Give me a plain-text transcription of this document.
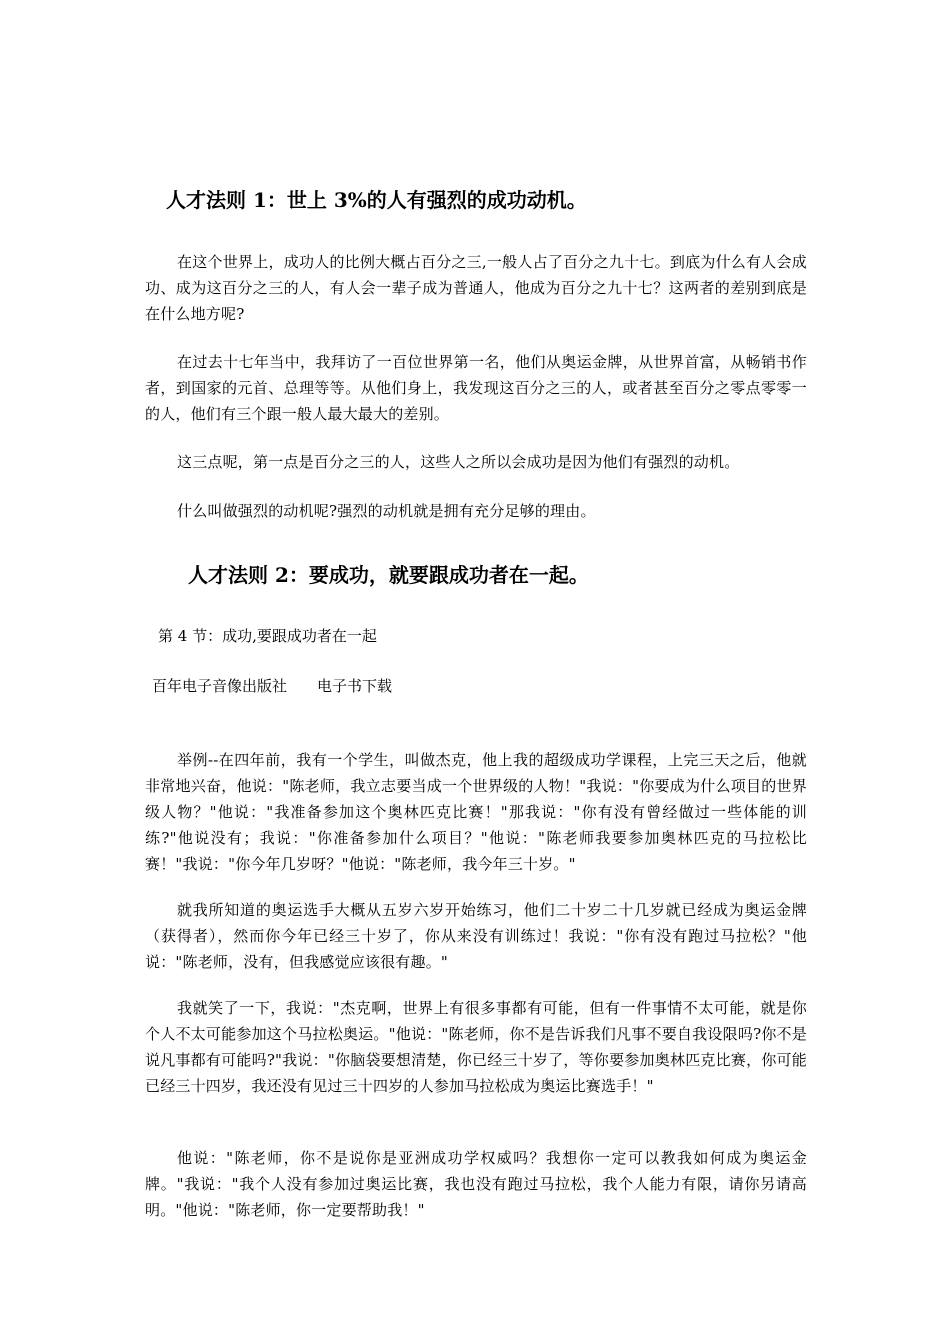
人才法则 1：世上 3%的人有强烈的成功动机。
在这个世界上，成功人的比例大概占百分之三,一般人占了百分之九十七。到底为什么有人会成功、成为这百分之三的人，有人会一辈子成为普通人，他成为百分之九十七？这两者的差别到底是在什么地方呢?
在过去十七年当中，我拜访了一百位世界第一名，他们从奥运金牌，从世界首富，从畅销书作者，到国家的元首、总理等等。从他们身上，我发现这百分之三的人，或者甚至百分之零点零零一的人，他们有三个跟一般人最大最大的差别。
这三点呢，第一点是百分之三的人，这些人之所以会成功是因为他们有强烈的动机。
什么叫做强烈的动机呢?强烈的动机就是拥有充分足够的理由。
人才法则 2：要成功，就要跟成功者在一起。
第 4 节：成功,要跟成功者在一起
百年电子音像出版社　　电子书下载
举例--在四年前，我有一个学生，叫做杰克，他上我的超级成功学课程，上完三天之后，他就非常地兴奋，他说："陈老师，我立志要当成一个世界级的人物！"我说："你要成为什么项目的世界级人物？"他说："我准备参加这个奥林匹克比赛！"那我说："你有没有曾经做过一些体能的训练?"他说没有；我说："你准备参加什么项目？"他说："陈老师我要参加奥林匹克的马拉松比赛！"我说："你今年几岁呀？"他说："陈老师，我今年三十岁。"
就我所知道的奥运选手大概从五岁六岁开始练习，他们二十岁二十几岁就已经成为奥运金牌（获得者），然而你今年已经三十岁了，你从来没有训练过！我说："你有没有跑过马拉松？"他说："陈老师，没有，但我感觉应该很有趣。"
我就笑了一下，我说："杰克啊，世界上有很多事都有可能，但有一件事情不太可能，就是你个人不太可能参加这个马拉松奥运。"他说："陈老师，你不是告诉我们凡事不要自我设限吗?你不是说凡事都有可能吗?"我说："你脑袋要想清楚，你已经三十岁了，等你要参加奥林匹克比赛，你可能已经三十四岁，我还没有见过三十四岁的人参加马拉松成为奥运比赛选手！"
他说："陈老师，你不是说你是亚洲成功学权威吗？我想你一定可以教我如何成为奥运金牌。"我说："我个人没有参加过奥运比赛，我也没有跑过马拉松，我个人能力有限，请你另请高明。"他说："陈老师，你一定要帮助我！"
